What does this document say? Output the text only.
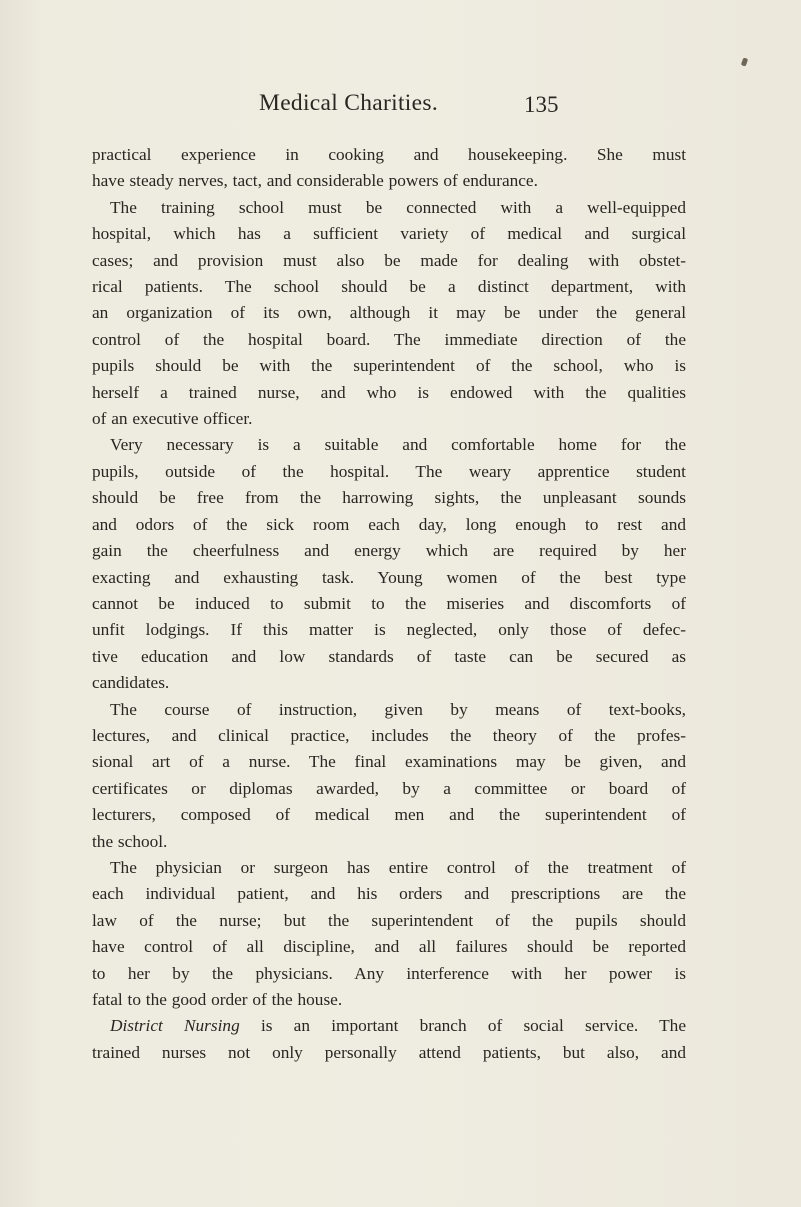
Medical Charities.	135

practical experience in cooking and housekeeping. She must

have steady nerves, tact, and considerable powers of endurance.

The training school must be connected with a well-equipped

hospital, which has a sufficient variety of medical and surgical

cases; and provision must also be made for dealing with obstet-

rical patients. The school should be a distinct department, with

an organization of its own, although it may be under the general

control of the hospital board. The immediate direction of the

pupils should be with the superintendent of the school, who is

herself a trained nurse, and who is endowed with the qualities

of an executive officer.

Very necessary is a suitable and comfortable home for the

pupils, outside of the hospital. The weary apprentice student

should be free from the harrowing sights, the unpleasant sounds

and odors of the sick room each day, long enough to rest and

gain the cheerfulness and energy which are required by her

exacting and exhausting task. Young women of the best type

cannot be induced to submit to the miseries and discomforts of

unfit lodgings. If this matter is neglected, only those of defec-

tive education and low standards of taste can be secured as

candidates.

The course of instruction, given by means of text-books,

lectures, and clinical practice, includes the theory of the profes-

sional art of a nurse. The final examinations may be given, and

certificates or diplomas awarded, by a committee or board of

lecturers, composed of medical men and the superintendent of

the school.

The physician or surgeon has entire control of the treatment of

each individual patient, and his orders and prescriptions are the

law of the nurse; but the superintendent of the pupils should

have control of all discipline, and all failures should be reported

to her by the physicians. Any interference with her power is

fatal to the good order of the house.

District Nursing is an important branch of social service. The

trained nurses not only personally attend patients, but also, and
